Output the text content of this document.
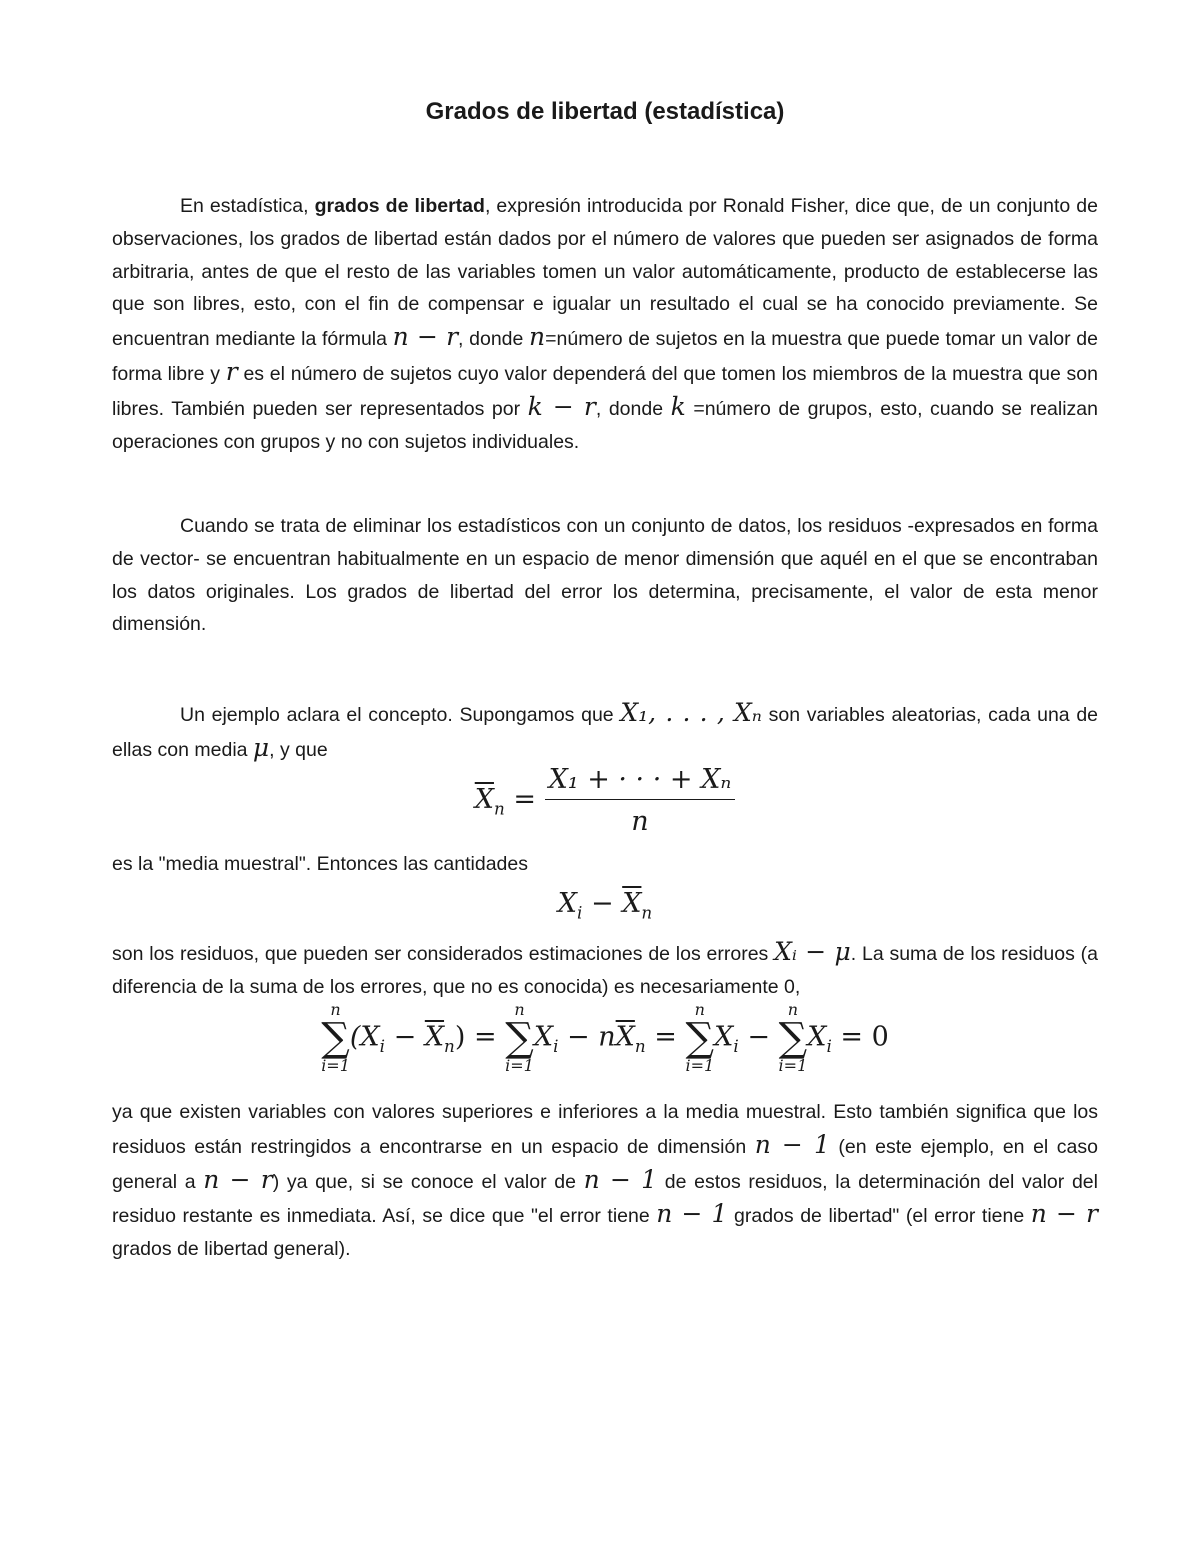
Grados de libertad (estadística)
En estadística, grados de libertad, expresión introducida por Ronald Fisher, dice que, de un conjunto de observaciones, los grados de libertad están dados por el número de valores que pueden ser asignados de forma arbitraria, antes de que el resto de las variables tomen un valor automáticamente, producto de establecerse las que son libres, esto, con el fin de compensar e igualar un resultado el cual se ha conocido previamente. Se encuentran mediante la fórmula n − r, donde n=número de sujetos en la muestra que puede tomar un valor de forma libre y r es el número de sujetos cuyo valor dependerá del que tomen los miembros de la muestra que son libres. También pueden ser representados por k − r, donde k =número de grupos, esto, cuando se realizan operaciones con grupos y no con sujetos individuales.
Cuando se trata de eliminar los estadísticos con un conjunto de datos, los residuos -expresados en forma de vector- se encuentran habitualmente en un espacio de menor dimensión que aquél en el que se encontraban los datos originales. Los grados de libertad del error los determina, precisamente, el valor de esta menor dimensión.
Un ejemplo aclara el concepto. Supongamos que X₁, . . . , Xₙ son variables aleatorias, cada una de ellas con media μ, y que
$\overline{X}_n = \frac{\text{X₁ + · · · + Xₙ}}{n}$
es la "media muestral". Entonces las cantidades
$X_i - \overline{X}_n$
son los residuos, que pueden ser considerados estimaciones de los errores Xᵢ − μ. La suma de los residuos (a diferencia de la suma de los errores, que no es conocida) es necesariamente 0,
n
∑
i=1
$(X_i - \overline{X}_n)$ =
n
∑
i=1
$X_i - n\overline{X}_n$ =
n
∑
i=1
$X_i$ −
n
∑
i=1
$X_i = 0$
ya que existen variables con valores superiores e inferiores a la media muestral. Esto también significa que los residuos están restringidos a encontrarse en un espacio de dimensión n − 1 (en este ejemplo, en el caso general a n − r) ya que, si se conoce el valor de n − 1 de estos residuos, la determinación del valor del residuo restante es inmediata. Así, se dice que "el error tiene n − 1 grados de libertad" (el error tiene n − r grados de libertad general).
